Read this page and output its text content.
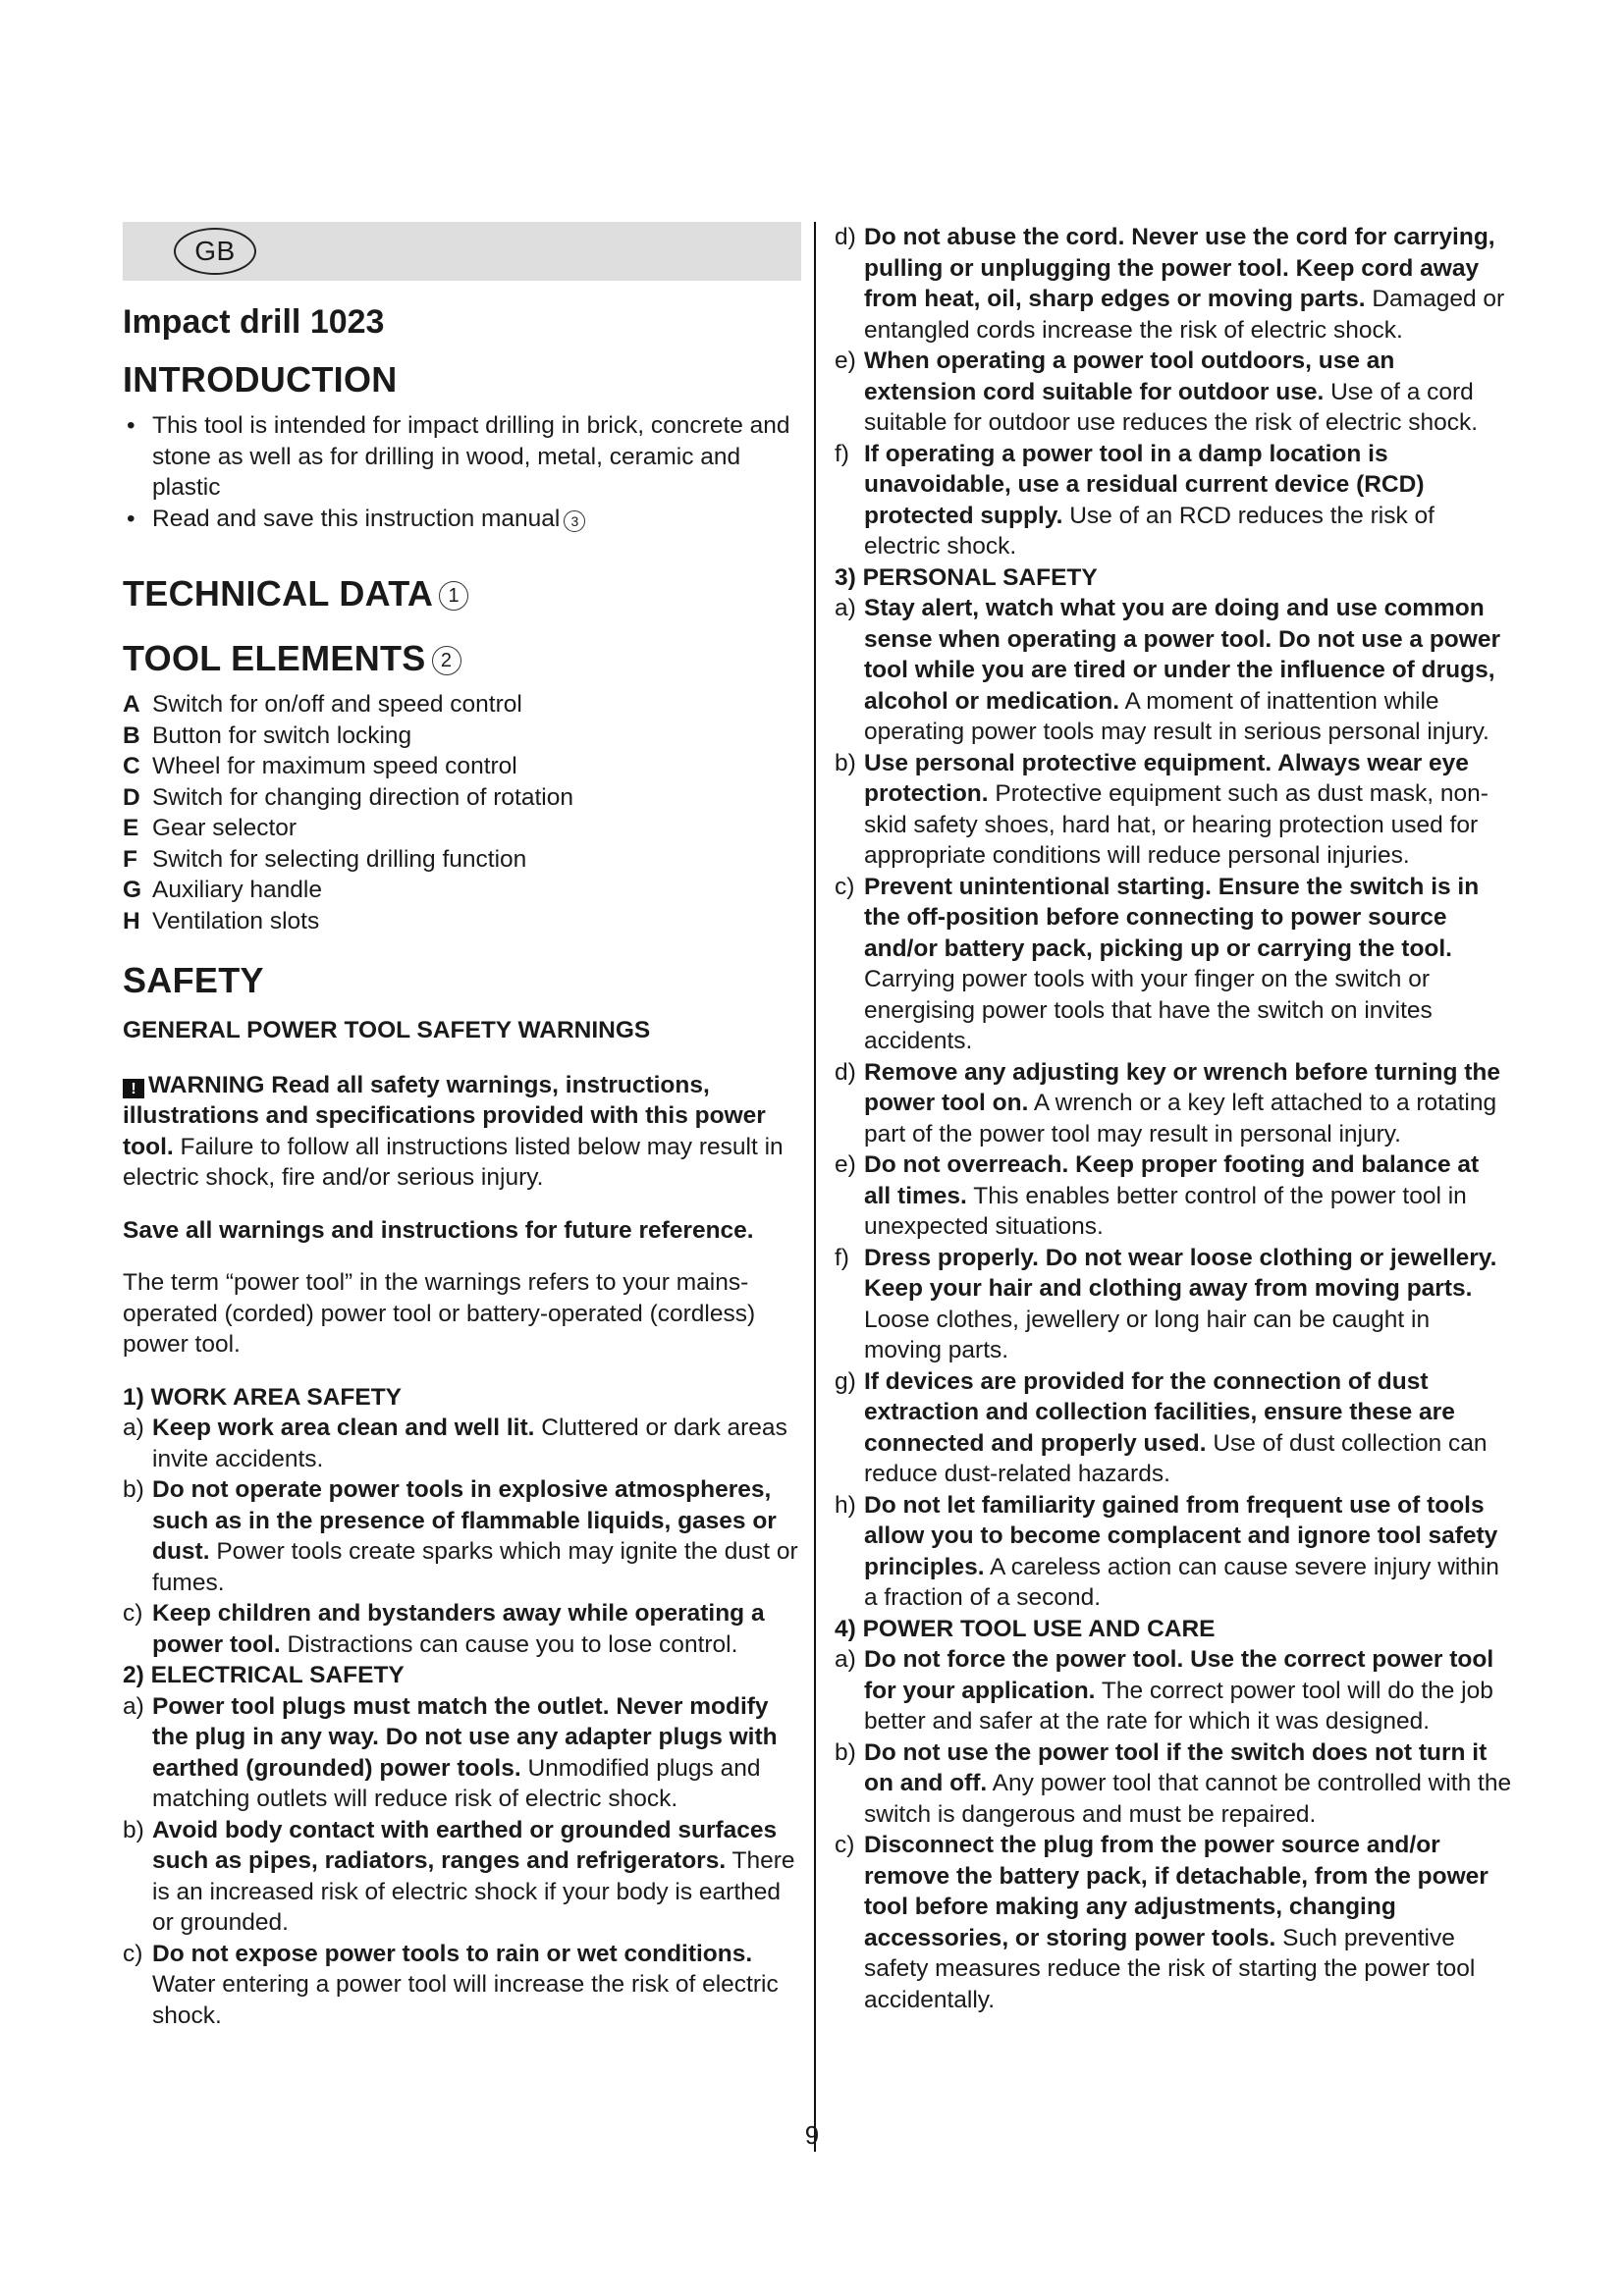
GB
Impact drill 1023
INTRODUCTION
• This tool is intended for impact drilling in brick, concrete and stone as well as for drilling in wood, metal, ceramic and plastic
• Read and save this instruction manual 3
TECHNICAL DATA 1
TOOL ELEMENTS 2
A Switch for on/off and speed control
B Button for switch locking
C Wheel for maximum speed control
D Switch for changing direction of rotation
E Gear selector
F Switch for selecting drilling function
G Auxiliary handle
H Ventilation slots
SAFETY
GENERAL POWER TOOL SAFETY WARNINGS

! WARNING Read all safety warnings, instructions, illustrations and specifications provided with this power tool. Failure to follow all instructions listed below may result in electric shock, fire and/or serious injury.

Save all warnings and instructions for future reference.

The term “power tool” in the warnings refers to your mains-operated (corded) power tool or battery-operated (cordless) power tool.

1) WORK AREA SAFETY

a) Keep work area clean and well lit. Cluttered or dark areas invite accidents.

b) Do not operate power tools in explosive atmospheres, such as in the presence of flammable liquids, gases or dust. Power tools create sparks which may ignite the dust or fumes.

c) Keep children and bystanders away while operating a power tool. Distractions can cause you to lose control.

2) ELECTRICAL SAFETY

a) Power tool plugs must match the outlet. Never modify the plug in any way. Do not use any adapter plugs with earthed (grounded) power tools. Unmodified plugs and matching outlets will reduce risk of electric shock.

b) Avoid body contact with earthed or grounded surfaces such as pipes, radiators, ranges and refrigerators. There is an increased risk of electric shock if your body is earthed or grounded.

c) Do not expose power tools to rain or wet conditions. Water entering a power tool will increase the risk of electric shock.

d) Do not abuse the cord. Never use the cord for carrying, pulling or unplugging the power tool. Keep cord away from heat, oil, sharp edges or moving parts. Damaged or entangled cords increase the risk of electric shock.

e) When operating a power tool outdoors, use an extension cord suitable for outdoor use. Use of a cord suitable for outdoor use reduces the risk of electric shock.

f) If operating a power tool in a damp location is unavoidable, use a residual current device (RCD) protected supply. Use of an RCD reduces the risk of electric shock.

3) PERSONAL SAFETY

a) Stay alert, watch what you are doing and use common sense when operating a power tool. Do not use a power tool while you are tired or under the influence of drugs, alcohol or medication. A moment of inattention while operating power tools may result in serious personal injury.

b) Use personal protective equipment. Always wear eye protection. Protective equipment such as dust mask, non-skid safety shoes, hard hat, or hearing protection used for appropriate conditions will reduce personal injuries.

c) Prevent unintentional starting. Ensure the switch is in the off-position before connecting to power source and/or battery pack, picking up or carrying the tool. Carrying power tools with your finger on the switch or energising power tools that have the switch on invites accidents.

d) Remove any adjusting key or wrench before turning the power tool on. A wrench or a key left attached to a rotating part of the power tool may result in personal injury.

e) Do not overreach. Keep proper footing and balance at all times. This enables better control of the power tool in unexpected situations.

f) Dress properly. Do not wear loose clothing or jewellery. Keep your hair and clothing away from moving parts. Loose clothes, jewellery or long hair can be caught in moving parts.

g) If devices are provided for the connection of dust extraction and collection facilities, ensure these are connected and properly used. Use of dust collection can reduce dust-related hazards.

h) Do not let familiarity gained from frequent use of tools allow you to become complacent and ignore tool safety principles. A careless action can cause severe injury within a fraction of a second.

4) POWER TOOL USE AND CARE

a) Do not force the power tool. Use the correct power tool for your application. The correct power tool will do the job better and safer at the rate for which it was designed.

b) Do not use the power tool if the switch does not turn it on and off. Any power tool that cannot be controlled with the switch is dangerous and must be repaired.

c) Disconnect the plug from the power source and/or remove the battery pack, if detachable, from the power tool before making any adjustments, changing accessories, or storing power tools. Such preventive safety measures reduce the risk of starting the power tool accidentally.

9
